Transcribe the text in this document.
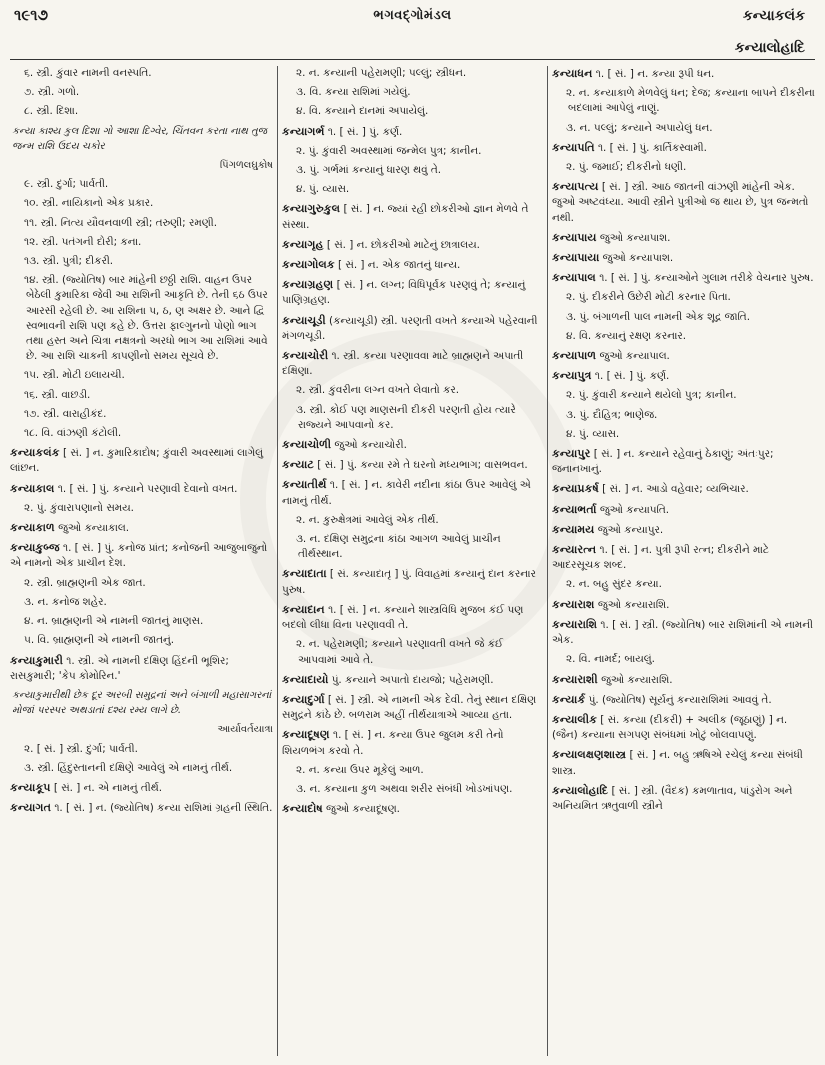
૧૯૧૭	ભગવદ્ગોમંડલ	કન્યાકલંક
કન્યાલોહાદિ
૬. સ્ત્રી. કુંવાર નામની વનસ્પતિ.
૭. સ્ત્રી. ગળો.
૮. સ્ત્રી. દિશા.
કન્યા કાશ્ય કુલ દિશા ગો આશા દિગ્વેર, ચિંતવન કરતા નાથ તુજ જન્મ રાશિ ઉદય ચકોર
પિંગળલઘુકોષ
૯. સ્ત્રી. દુર્ગા; પાર્વતી.
૧૦. સ્ત્રી. નાયિકાનો એક પ્રકાર.
૧૧. સ્ત્રી. નિત્ય યૌવનવાળી સ્ત્રી; તરુણી; રમણી.
૧૨. સ્ત્રી. પતંગની દોરી; કના.
૧૩. સ્ત્રી. પુત્રી; દીકરી.
૧૪. સ્ત્રી. (જ્યોતિષ) બાર માંહેની છઠ્ઠી રાશિ. વાહન ઉપર બેઠેલી કુમારિકા જેવી આ રાશિની આકૃતિ છે. તેની ૬ઠ ઉપર આરસી રહેલી છે. આ રાશિના પ, ઠ, ણ અક્ષર છે. આને દ્વિ સ્વભાવની રાશિ પણ કહે છે. ઉત્તરા ફાલ્ગુનનો પોણો ભાગ તથા હસ્ત અને ચિત્રા નક્ષત્રનો અરધો ભાગ આ રાશિમાં આવે છે. આ રાશિ ચાકની કાપણીનો સમય સૂચવે છે.
૧૫. સ્ત્રી. મોટી ઇલાયચી.
૧૬. સ્ત્રી. વાછડી.
૧૭. સ્ત્રી. વારાહીકંદ.
૧૮. વિ. વાંઝણી કંટોલી.
કન્યાકલંક [ સં. ] ન. કુમારિકાદોષ; કુંવારી અવસ્થામાં લાગેલું લાંછન.
કન્યાકાલ ૧. [ સં. ] પું. કન્યાને પરણાવી દેવાનો વખત.
૨. પું. કુંવારાપણાનો સમય.
કન્યાકાળ જુઓ કન્યાકાલ.
કન્યાકુબ્જ ૧. [ સં. ] પું. કનોજ પ્રાંત; કનોજની આજુબાજુનો એ નામનો એક પ્રાચીન દેશ.
૨. સ્ત્રી. બ્રાહ્મણની એક જાત.
૩. ન. કનોજ શહેર.
૪. ન. બ્રાહ્મણની એ નામની જાતનું માણસ.
૫. વિ. બ્રાહ્મણની એ નામની જાતનું.
કન્યાકુમારી ૧. સ્ત્રી. એ નામની દક્ષિણ હિંદની ભૂશિર; રાસકુમારી; 'કેપ કોમોરિન.'
કન્યાકુમારીથી છેક દૂર અરબી સમુદ્રનાં અને બંગાળી મહાસાગરનાં મોજાં પરસ્પર અથડાતાં દશ્ય રમ્ય લાગે છે.
આર્યાવર્તયાત્રા
૨. [ સં. ] સ્ત્રી. દુર્ગા; પાર્વતી.
૩. સ્ત્રી. હિંદુસ્તાનની દક્ષિણે આવેલું એ નામનું તીર્થ.
કન્યાકૂપ [ સં. ] ન. એ નામનું તીર્થ.
કન્યાગત ૧. [ સં. ] ન. (જ્યોતિષ) કન્યા રાશિમાં ગ્રહની સ્થિતિ.
૨. ન. કન્યાની પહેરામણી; પલ્લું; સ્ત્રીધન.
૩. વિ. કન્યા રાશિમાં ગયેલું.
૪. વિ. કન્યાને દાનમાં અપાયેલું.
કન્યાગર્ભ ૧. [ સં. ] પું. કર્ણ.
૨. પું. કુંવારી અવસ્થામાં જન્મેલ પુત્ર; કાનીન.
૩. પું. ગર્ભમાં કન્યાનું ધારણ થવું તે.
૪. પું. વ્યાસ.
કન્યાગુરુકુલ [ સં. ] ન. જ્યાં રહી છોકરીઓ જ્ઞાન મેળવે તે સંસ્થા.
કન્યાગૃહ [ સં. ] ન. છોકરીઓ માટેનું છાત્રાલય.
કન્યાગોલક [ સં. ] ન. એક જાતનું ધાન્ય.
કન્યાગ્રહણ [ સં. ] ન. લગ્ન; વિધિપૂર્વક પરણવું તે; કન્યાનું પાણિગ્રહણ.
કન્યાચૂડી (કન્યાચૂડી) સ્ત્રી. પરણતી વખતે કન્યાએ પહેરવાની મંગળચૂડી.
કન્યાચોરી ૧. સ્ત્રી. કન્યા પરણાવવા માટે બ્રાહ્મણને અપાતી દક્ષિણા.
૨. સ્ત્રી. કુંવરીના લગ્ન વખતે લેવાતો કર.
૩. સ્ત્રી. કોઈ પણ માણસની દીકરી પરણતી હોય ત્યારે રાજ્યને આપવાનો કર.
કન્યાચોળી જુઓ કન્યાચોરી.
કન્યાટ [ સં. ] પું. કન્યા રમે તે ઘરનો મધ્યભાગ; વાસભવન.
કન્યાતીર્થ ૧. [ સં. ] ન. કાવેરી નદીના કાંઠા ઉપર આવેલું એ નામનું તીર્થ.
૨. ન. કુરુક્ષેત્રમાં આવેલું એક તીર્થ.
૩. ન. દક્ષિણ સમુદ્રના કાંઠા આગળ આવેલું પ્રાચીન તીર્થસ્થાન.
કન્યાદાતા [ સં. કન્યાદાતૃ ] પું. વિવાહમાં કન્યાનું દાન કરનાર પુરુષ.
કન્યાદાન ૧. [ સં. ] ન. કન્યાને શાસ્ત્રવિધિ મુજબ કંઈ પણ બદલો લીધા વિના પરણાવવી તે.
૨. ન. પહેરામણી; કન્યાને પરણાવતી વખતે જે કંઈ આપવામાં આવે તે.
કન્યાદાયો પું. કન્યાને અપાતો દાયજો; પહેરામણી.
કન્યાદુર્ગા [ સં. ] સ્ત્રી. એ નામની એક દેવી. તેનું સ્થાન દક્ષિણ સમુદ્રને કાંઠે છે. બળરામ અહીં તીર્થયાત્રાએ આવ્યા હતા.
કન્યાદૂષણ ૧. [ સં. ] ન. કન્યા ઉપર જુલમ કરી તેનો શિયળભંગ કરવો તે.
૨. ન. કન્યા ઉપર મૂકેલું આળ.
૩. ન. કન્યાના કુળ અથવા શરીર સંબંધી ખોડખાંપણ.
કન્યાદોષ જુઓ કન્યાદૂષણ.
કન્યાધન ૧. [ સં. ] ન. કન્યા રૂપી ધન.
૨. ન. કન્યાકાળે મેળવેલું ધન; દેજ; કન્યાના બાપને દીકરીના બદલામાં આપેલું નાણું.
૩. ન. પલ્લું; કન્યાને અપાયેલું ધન.
કન્યાપતિ ૧. [ સં. ] પું. કાર્તિકસ્વામી.
૨. પું. જમાઈ; દીકરીનો ધણી.
કન્યાપત્ય [ સં. ] સ્ત્રી. આઠ જાતની વાંઝણી માંહેની એક. જુઓ અષ્ટવંધ્યા. આવી સ્ત્રીને પુત્રીઓ જ થાય છે, પુત્ર જન્મતો નથી.
કન્યાપાય જુઓ કન્યાપાશ.
કન્યાપાયા જુઓ કન્યાપાશ.
કન્યાપાલ ૧. [ સં. ] પું. કન્યાઓને ગુલામ તરીકે વેચનાર પુરુષ.
૨. પું. દીકરીને ઉછેરી મોટી કરનાર પિતા.
૩. પું. બંગાળની પાલ નામની એક શૂદ્ર જાતિ.
૪. વિ. કન્યાનું રક્ષણ કરનાર.
કન્યાપાળ જુઓ કન્યાપાલ.
કન્યાપુત્ર ૧. [ સં. ] પું. કર્ણ.
૨. પું. કુંવારી કન્યાને થયેલો પુત્ર; કાનીન.
૩. પું. દૌહિત્ર; ભાણેજ.
૪. પું. વ્યાસ.
કન્યાપુર [ સં. ] ન. કન્યાને રહેવાનું ઠેકાણું; અંતઃપુર; જનાનખાનું.
કન્યાપ્રકર્ષ [ સં. ] ન. આડો વહેવાર; વ્યભિચાર.
કન્યાભર્તા જુઓ કન્યાપતિ.
કન્યામય જુઓ કન્યાપુર.
કન્યારત્ન ૧. [ સં. ] ન. પુત્રી રૂપી રત્ન; દીકરીને માટે આદરસૂચક શબ્દ.
૨. ન. બહુ સુંદર કન્યા.
કન્યારાશ જુઓ કન્યારાશિ.
કન્યારાશિ ૧. [ સં. ] સ્ત્રી. (જ્યોતિષ) બાર રાશિમાંની એ નામની એક.
૨. વિ. નામર્દ; બાયલું.
કન્યારાશી જુઓ કન્યારાશિ.
કન્યાર્ક પું. (જ્યોતિષ) સૂર્યનું કન્યારાશિમાં આવવું તે.
કન્યાલીક [ સં. કન્યા (દીકરી) + અલીક (જૂઠાણું) ] ન. (જૈન) કન્યાના સગપણ સંબંધમાં ખોટું બોલવાપણું.
કન્યાલક્ષણશાસ્ત્ર [ સં. ] ન. બહુ ઋષિએ રચેલું કન્યા સંબંધી શાસ્ત્ર.
કન્યાલોહાદિ [ સં. ] સ્ત્રી. (વૈદક) કમળાતાવ, પાંડુરોગ અને અનિયમિત ઋતુવાળી સ્ત્રીને
